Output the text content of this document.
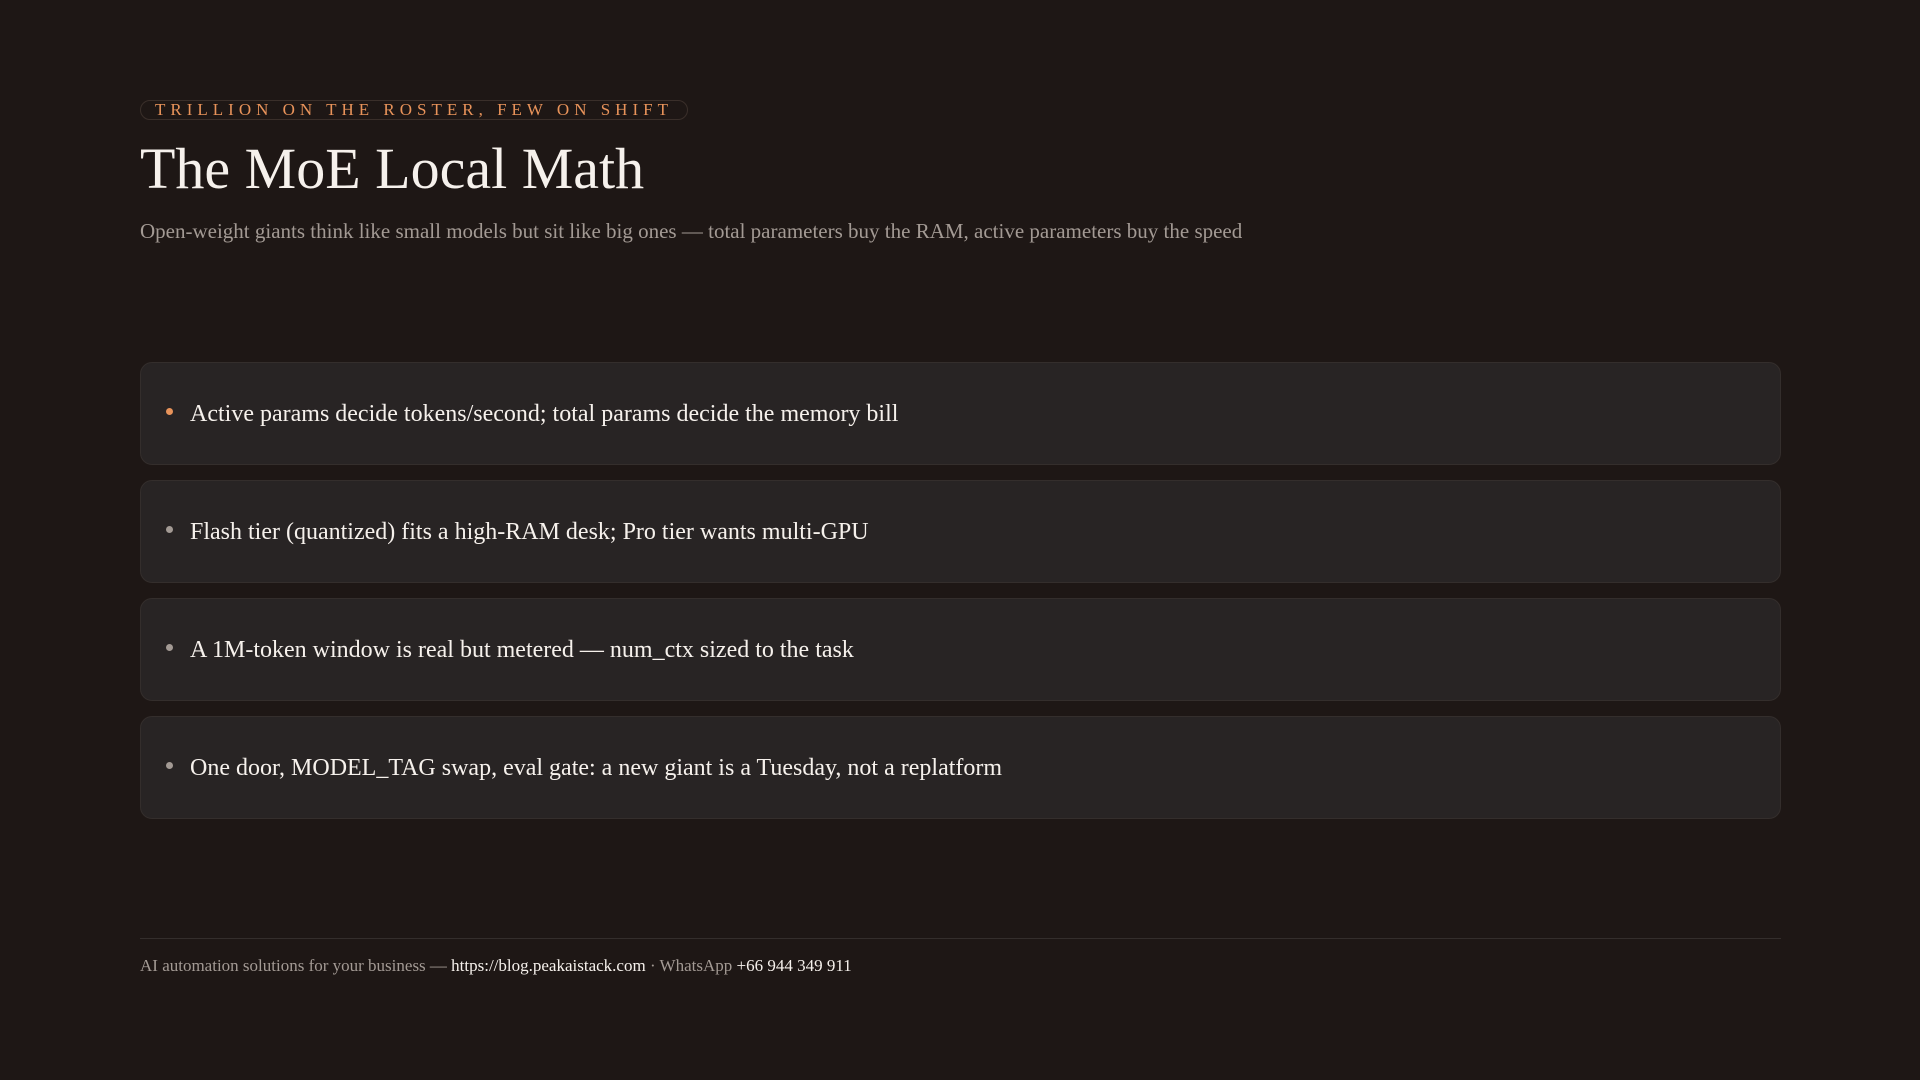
TRILLION ON THE ROSTER, FEW ON SHIFT
The MoE Local Math

Open-weight giants think like small models but sit like big ones — total parameters buy the RAM, active parameters buy the speed

Active params decide tokens/second; total params decide the memory bill
Flash tier (quantized) fits a high-RAM desk; Pro tier wants multi-GPU
A 1M-token window is real but metered — num_ctx sized to the task
One door, MODEL_TAG swap, eval gate: a new giant is a Tuesday, not a replatform
AI automation solutions for your business — https://blog.peakaistack.com · WhatsApp +66 944 349 911
